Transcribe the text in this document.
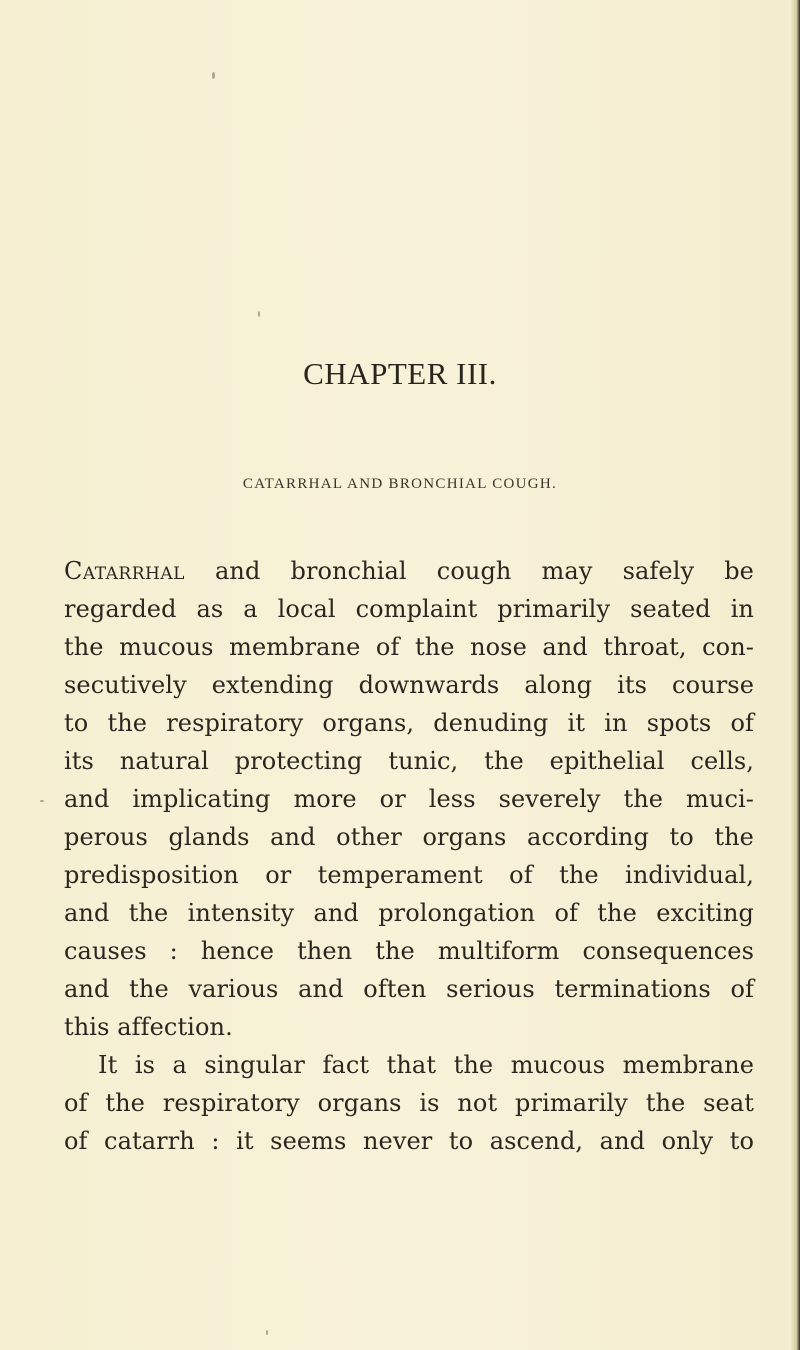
CHAPTER III.
CATARRHAL AND BRONCHIAL COUGH.
Catarrhal and bronchial cough may safely be
regarded as a local complaint primarily seated in
the mucous membrane of the nose and throat, con-
secutively extending downwards along its course
to the respiratory organs, denuding it in spots of
its natural protecting tunic, the epithelial cells,
and implicating more or less severely the muci-
perous glands and other organs according to the
predisposition or temperament of the individual,
and the intensity and prolongation of the exciting
causes : hence then the multiform consequences
and the various and often serious terminations of
this affection.
It is a singular fact that the mucous membrane
of the respiratory organs is not primarily the seat
of catarrh : it seems never to ascend, and only to
